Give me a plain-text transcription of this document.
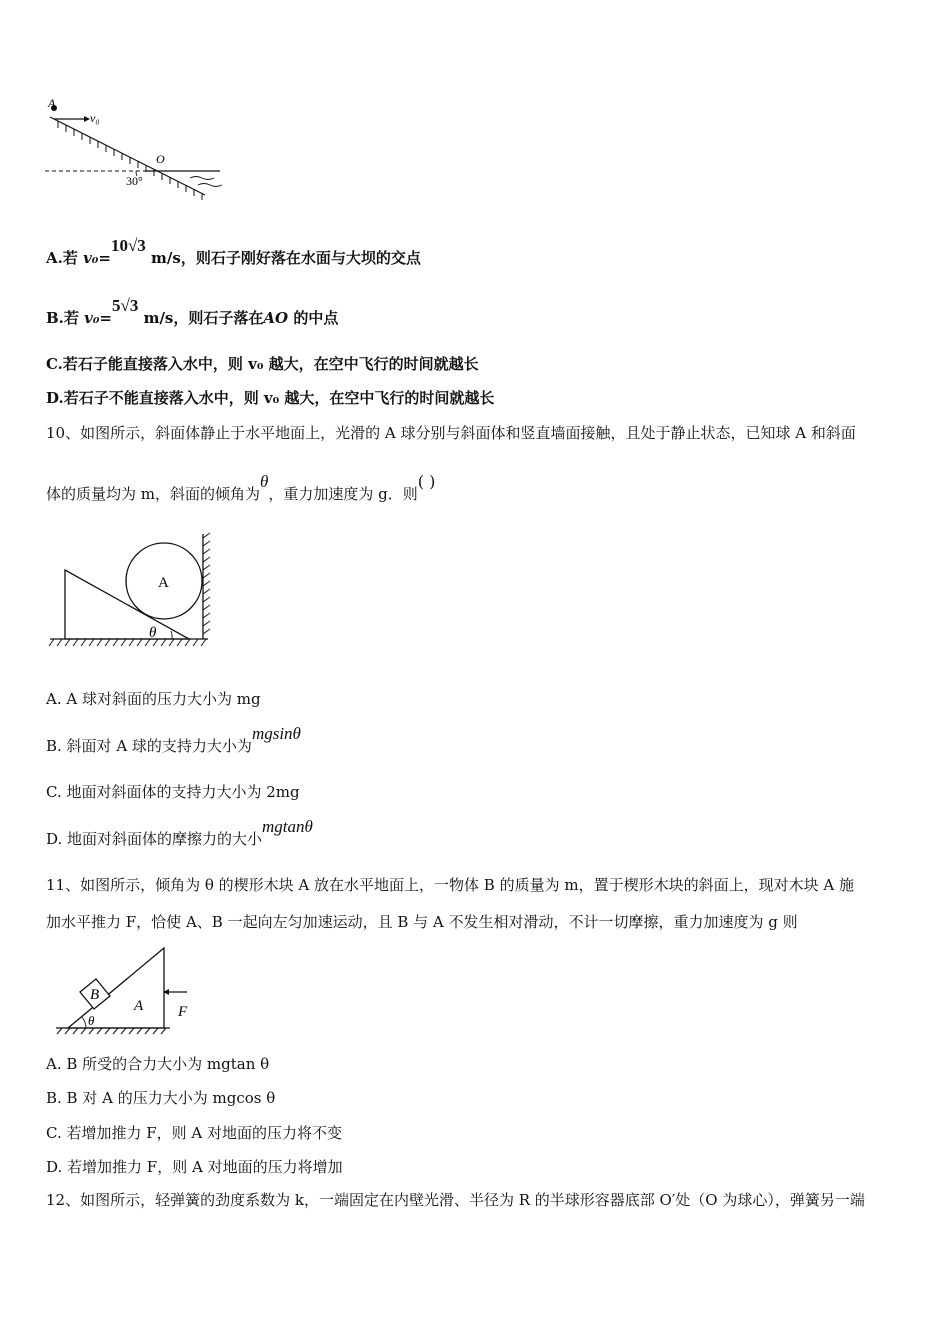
A
v₀
O
30°
A.若 v₀=10√3 m/s，则石子刚好落在水面与大坝的交点
B.若 v₀=5√3 m/s，则石子落在AO 的中点
C.若石子能直接落入水中，则 v₀ 越大，在空中飞行的时间就越长
D.若石子不能直接落入水中，则 v₀ 越大，在空中飞行的时间就越长
10、如图所示，斜面体静止于水平地面上，光滑的 A 球分别与斜面体和竖直墙面接触，且处于静止状态，已知球 A 和斜面
体的质量均为 m，斜面的倾角为θ，重力加速度为 g．则( )
A
θ
A. A 球对斜面的压力大小为 mg
B. 斜面对 A 球的支持力大小为mgsinθ
C. 地面对斜面体的支持力大小为 2mg
D. 地面对斜面体的摩擦力的大小mgtanθ
11、如图所示，倾角为 θ 的楔形木块 A 放在水平地面上，一物体 B 的质量为 m，置于楔形木块的斜面上，现对木块 A 施
加水平推力 F，恰使 A、B 一起向左匀加速运动，且 B 与 A 不发生相对滑动，不计一切摩擦，重力加速度为 g 则
B
A F
θ
A. B 所受的合力大小为 mgtan θ
B. B 对 A 的压力大小为 mgcos θ
C. 若增加推力 F，则 A 对地面的压力将不变
D. 若增加推力 F，则 A 对地面的压力将增加
12、如图所示，轻弹簧的劲度系数为 k，一端固定在内壁光滑、半径为 R 的半球形容器底部 O′处（O 为球心），弹簧另一端
